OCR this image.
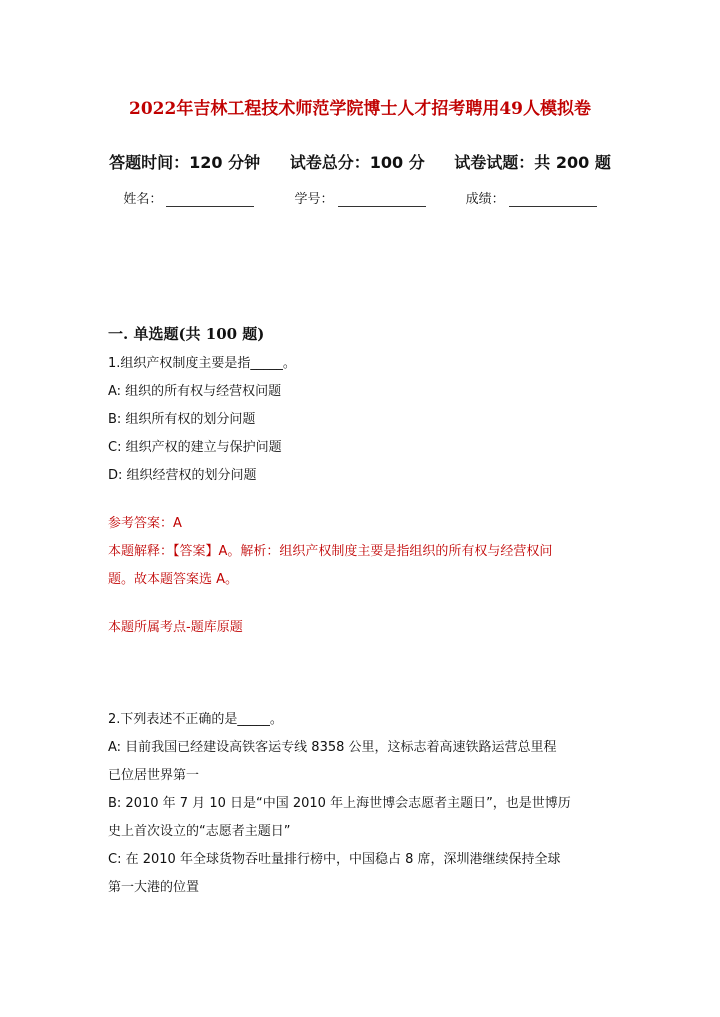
2022年吉林工程技术师范学院博士人才招考聘用49人模拟卷
答题时间：120 分钟 试卷总分：100 分 试卷试题：共 200 题
姓名：	学号：	成绩：
一. 单选题(共 100 题)
1.组织产权制度主要是指_____。
A: 组织的所有权与经营权问题
B: 组织所有权的划分问题
C: 组织产权的建立与保护问题
D: 组织经营权的划分问题
参考答案：A
本题解释：【答案】A。解析：组织产权制度主要是指组织的所有权与经营权问
题。故本题答案选 A。
本题所属考点-题库原题
2.下列表述不正确的是_____。
A: 目前我国已经建设高铁客运专线 8358 公里，这标志着高速铁路运营总里程
已位居世界第一
B: 2010 年 7 月 10 日是“中国 2010 年上海世博会志愿者主题日”，也是世博历
史上首次设立的“志愿者主题日”
C: 在 2010 年全球货物吞吐量排行榜中，中国稳占 8 席，深圳港继续保持全球
第一大港的位置
